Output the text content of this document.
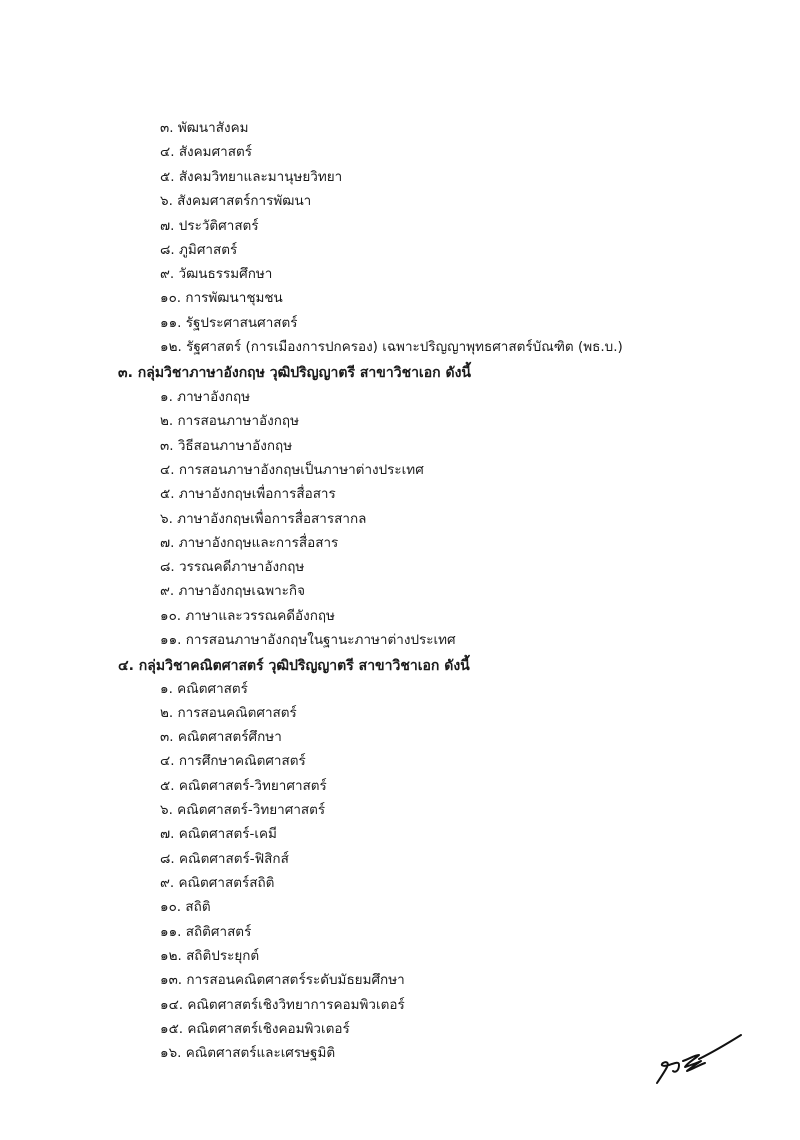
๓. พัฒนาสังคม
๔. สังคมศาสตร์
๕. สังคมวิทยาและมานุษยวิทยา
๖. สังคมศาสตร์การพัฒนา
๗. ประวัติศาสตร์
๘. ภูมิศาสตร์
๙. วัฒนธรรมศึกษา
๑๐. การพัฒนาชุมชน
๑๑. รัฐประศาสนศาสตร์
๑๒. รัฐศาสตร์ (การเมืองการปกครอง) เฉพาะปริญญาพุทธศาสตร์บัณฑิต (พธ.บ.)
๓. กลุ่มวิชาภาษาอังกฤษ วุฒิปริญญาตรี สาขาวิชาเอก ดังนี้
๑. ภาษาอังกฤษ
๒. การสอนภาษาอังกฤษ
๓. วิธีสอนภาษาอังกฤษ
๔. การสอนภาษาอังกฤษเป็นภาษาต่างประเทศ
๕. ภาษาอังกฤษเพื่อการสื่อสาร
๖. ภาษาอังกฤษเพื่อการสื่อสารสากล
๗. ภาษาอังกฤษและการสื่อสาร
๘. วรรณคดีภาษาอังกฤษ
๙. ภาษาอังกฤษเฉพาะกิจ
๑๐. ภาษาและวรรณคดีอังกฤษ
๑๑. การสอนภาษาอังกฤษในฐานะภาษาต่างประเทศ
๔. กลุ่มวิชาคณิตศาสตร์ วุฒิปริญญาตรี สาขาวิชาเอก ดังนี้
๑. คณิตศาสตร์
๒. การสอนคณิตศาสตร์
๓. คณิตศาสตร์ศึกษา
๔. การศึกษาคณิตศาสตร์
๕. คณิตศาสตร์-วิทยาศาสตร์
๖. คณิตศาสตร์-วิทยาศาสตร์
๗. คณิตศาสตร์-เคมี
๘. คณิตศาสตร์-ฟิสิกส์
๙. คณิตศาสตร์สถิติ
๑๐. สถิติ
๑๑. สถิติศาสตร์
๑๒. สถิติประยุกต์
๑๓. การสอนคณิตศาสตร์ระดับมัธยมศึกษา
๑๔. คณิตศาสตร์เชิงวิทยาการคอมพิวเตอร์
๑๕. คณิตศาสตร์เชิงคอมพิวเตอร์
๑๖. คณิตศาสตร์และเศรษฐมิติ
